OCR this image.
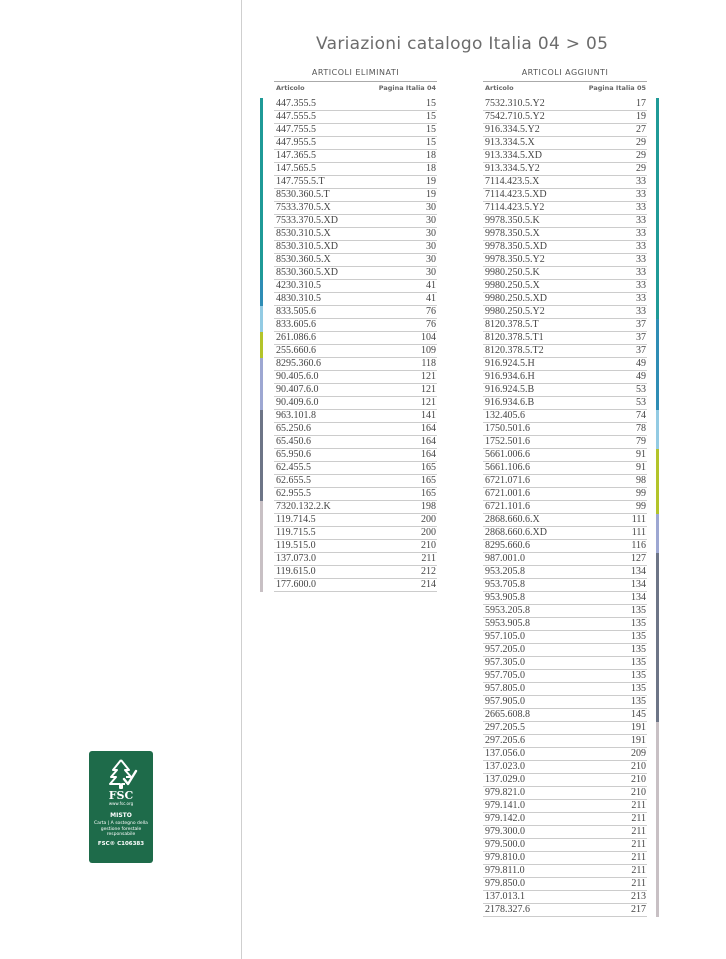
Variazioni catalogo Italia 04 > 05
ARTICOLI ELIMINATI
Articolo	Pagina Italia 04
447.355.5	15
447.555.5	15
447.755.5	15
447.955.5	15
147.365.5	18
147.565.5	18
147.755.5.T	19
8530.360.5.T	19
7533.370.5.X	30
7533.370.5.XD	30
8530.310.5.X	30
8530.310.5.XD	30
8530.360.5.X	30
8530.360.5.XD	30
4230.310.5	41
4830.310.5	41
833.505.6	76
833.605.6	76
261.086.6	104
255.660.6	109
8295.360.6	118
90.405.6.0	121
90.407.6.0	121
90.409.6.0	121
963.101.8	141
65.250.6	164
65.450.6	164
65.950.6	164
62.455.5	165
62.655.5	165
62.955.5	165
7320.132.2.K	198
119.714.5	200
119.715.5	200
119.515.0	210
137.073.0	211
119.615.0	212
177.600.0	214
ARTICOLI AGGIUNTI
Articolo	Pagina Italia 05
7532.310.5.Y2	17
7542.710.5.Y2	19
916.334.5.Y2	27
913.334.5.X	29
913.334.5.XD	29
913.334.5.Y2	29
7114.423.5.X	33
7114.423.5.XD	33
7114.423.5.Y2	33
9978.350.5.K	33
9978.350.5.X	33
9978.350.5.XD	33
9978.350.5.Y2	33
9980.250.5.K	33
9980.250.5.X	33
9980.250.5.XD	33
9980.250.5.Y2	33
8120.378.5.T	37
8120.378.5.T1	37
8120.378.5.T2	37
916.924.5.H	49
916.934.6.H	49
916.924.5.B	53
916.934.6.B	53
132.405.6	74
1750.501.6	78
1752.501.6	79
5661.006.6	91
5661.106.6	91
6721.071.6	98
6721.001.6	99
6721.101.6	99
2868.660.6.X	111
2868.660.6.XD	111
8295.660.6	116
987.001.0	127
953.205.8	134
953.705.8	134
953.905.8	134
5953.205.8	135
5953.905.8	135
957.105.0	135
957.205.0	135
957.305.0	135
957.705.0	135
957.805.0	135
957.905.0	135
2665.608.8	145
297.205.5	191
297.205.6	191
137.056.0	209
137.023.0	210
137.029.0	210
979.821.0	210
979.141.0	211
979.142.0	211
979.300.0	211
979.500.0	211
979.810.0	211
979.811.0	211
979.850.0	211
137.013.1	213
2178.327.6	217
FSC
www.fsc.org
MISTO
Carta | A sostegno della gestione forestale responsabile
FSC® C106383
